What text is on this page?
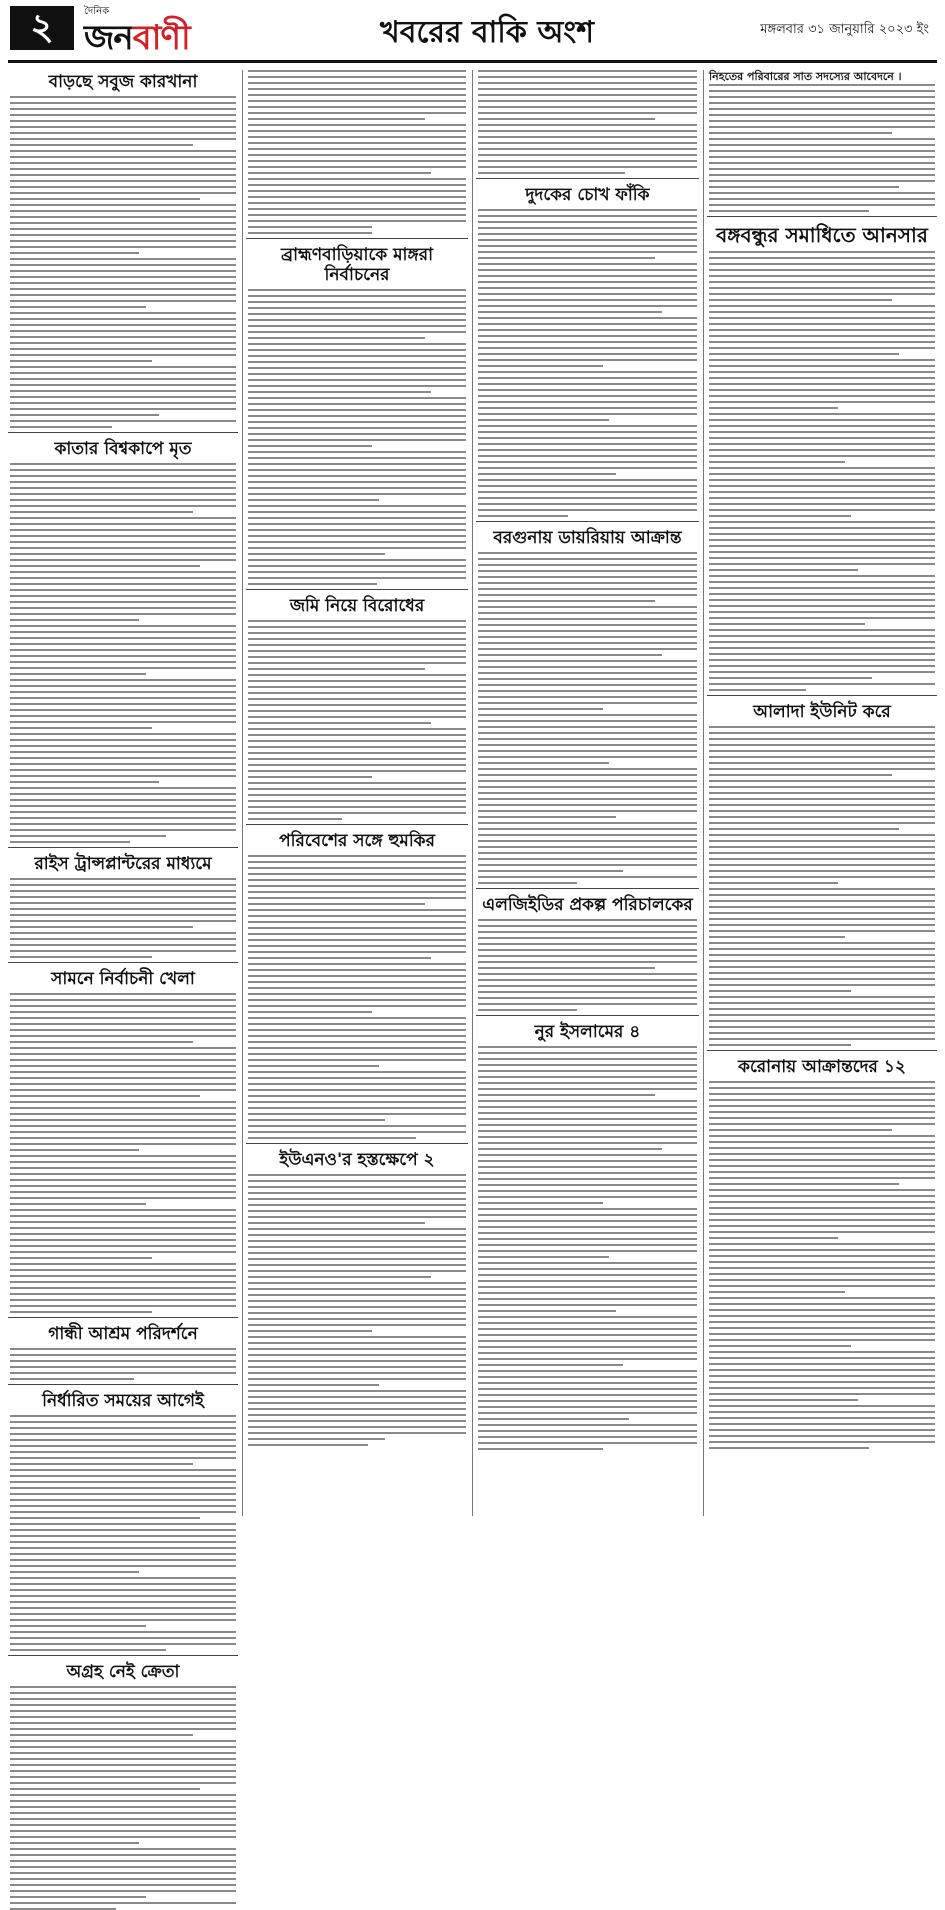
২	দৈনিক
জনবাণী	খবরের বাকি অংশ	মঙ্গলবার ৩১ জানুয়ারি ২০২৩ ইং
বাড়ছে সবুজ কারখানা
কাতার বিশ্বকাপে মৃত
রাইস ট্রান্সপ্লান্টরের মাধ্যমে
সামনে নির্বাচনী খেলা
গান্ধী আশ্রম পরিদর্শনে
নির্ধারিত সময়ের আগেই
অগ্রহ নেই ক্রেতা
ব্রাহ্মণবাড়িয়াকে মাঙ্গরা নির্বাচনের
জমি নিয়ে বিরোধের
পরিবেশের সঙ্গে হুমকির
ইউএনও'র হস্তক্ষেপে ২
দুদকের চোখ ফাঁকি
বরগুনায় ডায়রিয়ায় আক্রান্ত
এলজিইডির প্রকল্প পরিচালকের
নুর ইসলামের ৪
নিহতের পরিবারের সাত সদস্যের আবেদনে ।
বঙ্গবন্ধুর সমাধিতে আনসার
আলাদা ইউনিট করে
করোনায় আক্রান্তদের ১২
